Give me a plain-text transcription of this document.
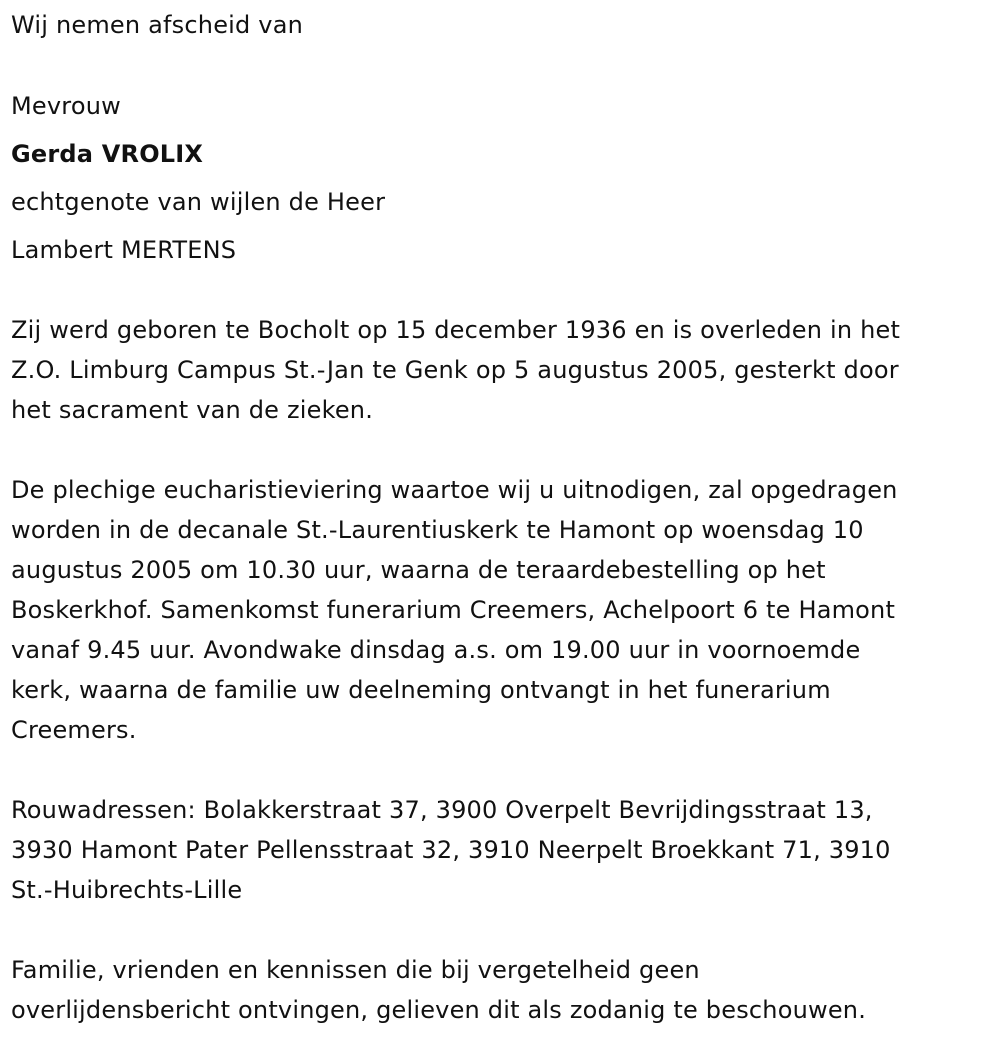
Wij nemen afscheid van
Mevrouw
Gerda VROLIX
echtgenote van wijlen de Heer
Lambert MERTENS
Zij werd geboren te Bocholt op 15 december 1936 en is overleden in het
Z.O. Limburg Campus St.-Jan te Genk op 5 augustus 2005, gesterkt door
het sacrament van de zieken.
De plechige eucharistieviering waartoe wij u uitnodigen, zal opgedragen
worden in de decanale St.-Laurentiuskerk te Hamont op woensdag 10
augustus 2005 om 10.30 uur, waarna de teraardebestelling op het
Boskerkhof. Samenkomst funerarium Creemers, Achelpoort 6 te Hamont
vanaf 9.45 uur. Avondwake dinsdag a.s. om 19.00 uur in voornoemde
kerk, waarna de familie uw deelneming ontvangt in het funerarium
Creemers.
Rouwadressen: Bolakkerstraat 37, 3900 Overpelt Bevrijdingsstraat 13,
3930 Hamont Pater Pellensstraat 32, 3910 Neerpelt Broekkant 71, 3910
St.-Huibrechts-Lille
Familie, vrienden en kennissen die bij vergetelheid geen
overlijdensbericht ontvingen, gelieven dit als zodanig te beschouwen.
